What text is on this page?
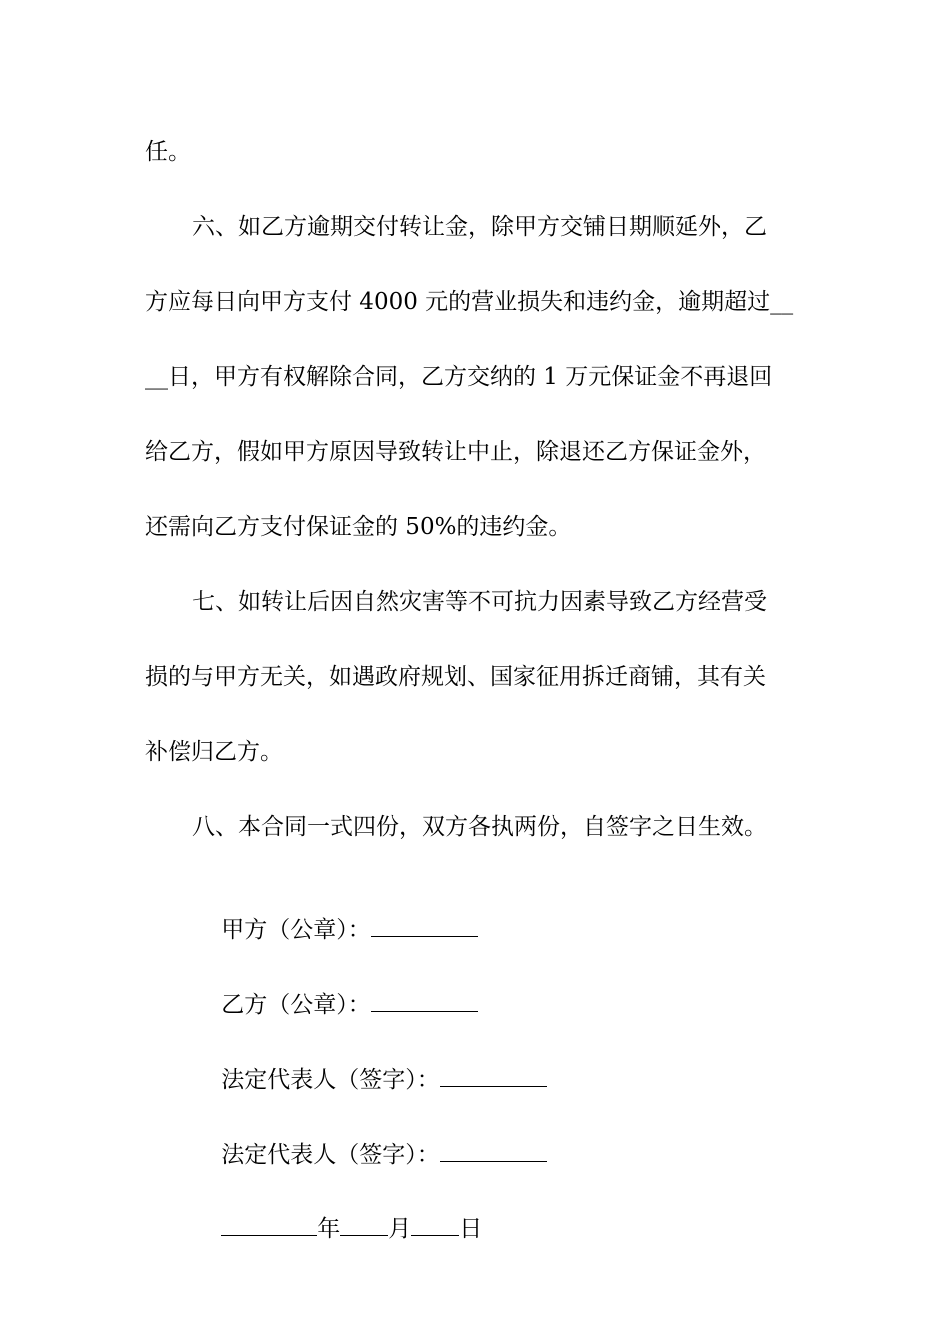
任。
六、如乙方逾期交付转让金，除甲方交铺日期顺延外，乙
方应每日向甲方支付 4000 元的营业损失和违约金，逾期超过__
__日，甲方有权解除合同，乙方交纳的 1 万元保证金不再退回
给乙方，假如甲方原因导致转让中止，除退还乙方保证金外，
还需向乙方支付保证金的 50%的违约金。
七、如转让后因自然灾害等不可抗力因素导致乙方经营受
损的与甲方无关，如遇政府规划、国家征用拆迁商铺，其有关
补偿归乙方。
八、本合同一式四份，双方各执两份，自签字之日生效。

甲方（公章）：

乙方（公章）：

法定代表人（签字）：

法定代表人（签字）：

年 月 日
